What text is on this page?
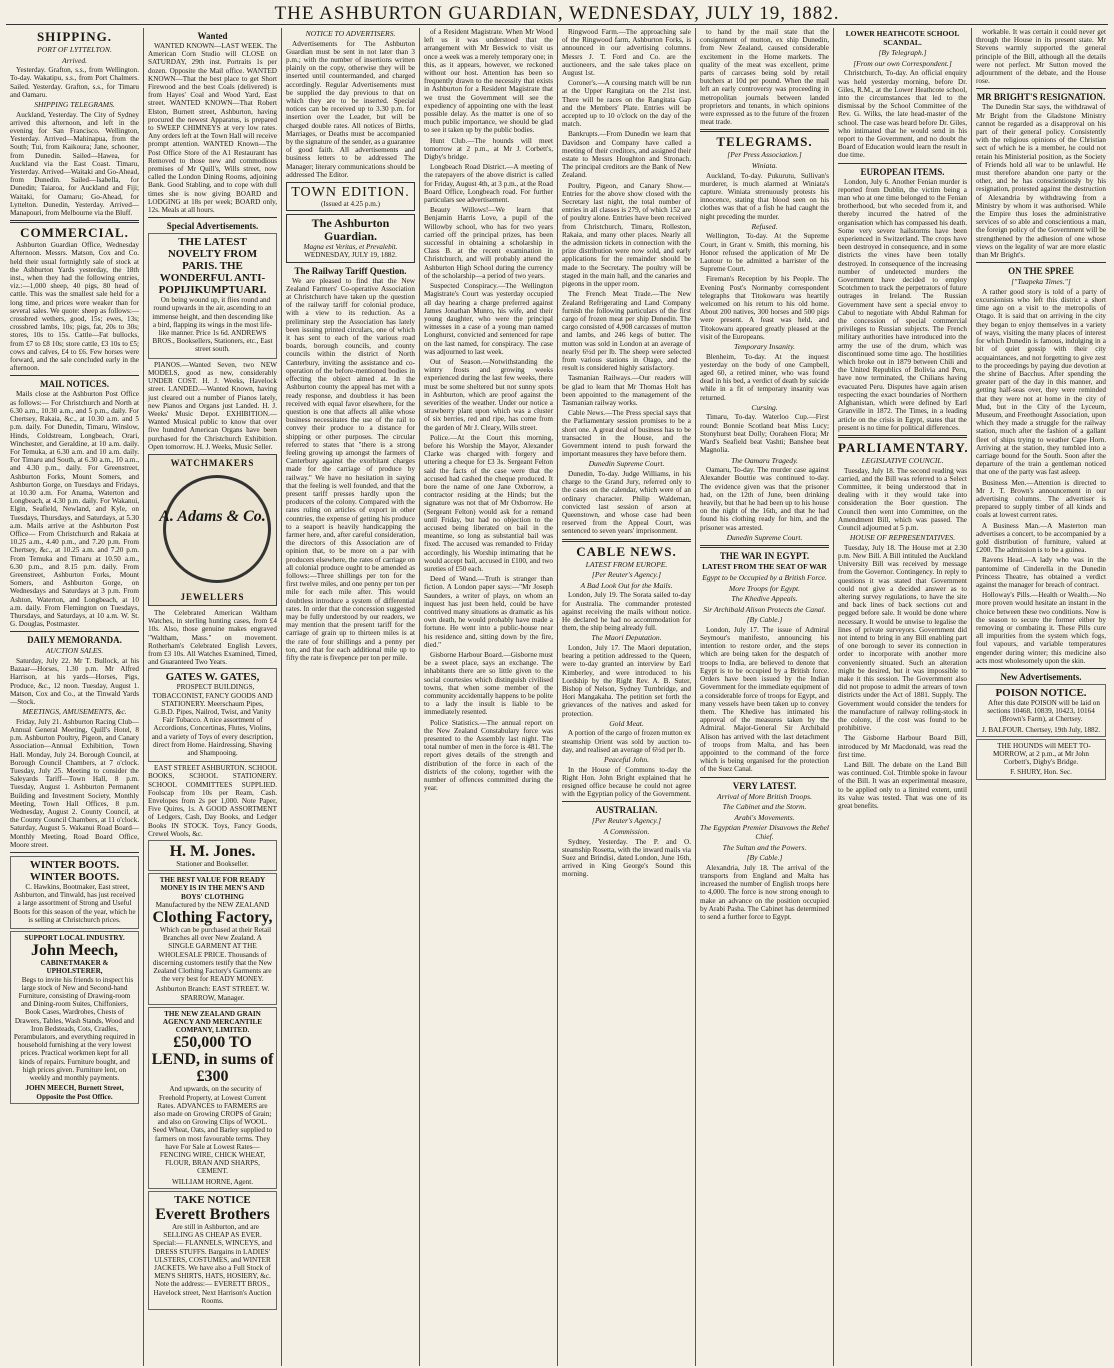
THE ASHBURTON GUARDIAN, WEDNESDAY, JULY 19, 1882.
SHIPPING.
PORT OF LYTTELTON.
Arrived.

Yesterday. Grafton, s.s., from Wellington. To-day. Wakatipu, s.s., from Port Chalmers. Sailed. Yesterday. Grafton, s.s., for Timaru and Oamaru.

SHIPPING TELEGRAMS.

Auckland, Yesterday. The City of Sydney arrived this afternoon, and left in the evening for San Francisco. Wellington, Yesterday. Arrived—Mahinapua, from the South; Tui, from Kaikoura; Jane, schooner, from Dunedin. Sailed—Hawea, for Auckland via the East Coast. Timaru, Yesterday. Arrived—Waitaki and Go-Ahead, from Dunedin. Sailed—Isabella, for Dunedin; Taiaroa, for Auckland and Fiji; Waitaki, for Oamaru; Go-Ahead, for Lyttelton. Dunedin, Yesterday. Arrived—Manapouri, from Melbourne via the Bluff.

COMMERCIAL.

Ashburton Guardian Office, Wednesday Afternoon. Messrs. Matson, Cox and Co. held their usual fortnightly sale of stock at the Ashburton Yards yesterday, the 18th inst., when they had the following entries, viz.:—1,000 sheep, 40 pigs, 80 head of cattle. This was the smallest sale held for a long time, and prices were weaker than for several sales. We quote: sheep as follows:—crossbred wethers, good, 15s; ewes, 13s; crossbred lambs, 10s; pigs, fat, 20s to 30s; stores, 10s to 15s. Cattle—Fat bullocks, from £7 to £8 10s; store cattle, £3 10s to £5; cows and calves, £4 to £6. Few horses were forward, and the sale concluded early in the afternoon.

MAIL NOTICES.

Mails close at the Ashburton Post Office as follows:— For Christchurch and North at 6.30 a.m., 10.30 a.m., and 5 p.m., daily. For Chertsey, Rakaia, &c., at 10.30 a.m. and 5 p.m. daily. For Dunedin, Timaru, Winslow, Hinds, Coldstream, Longbeach, Orari, Winchester, and Geraldine, at 10 a.m. daily. For Temuka, at 6.30 a.m. and 10 a.m. daily. For Timaru and South, at 6.30 a.m., 10 a.m., and 4.30 p.m., daily. For Greenstreet, Ashburton Forks, Mount Somers, and Ashburton Gorge, on Tuesdays and Fridays, at 10.30 a.m. For Anama, Waterton and Longbeach, at 4.30 p.m. daily. For Wakanui, Elgin, Seafield, Newland, and Kyle, on Tuesdays, Thursdays, and Saturdays, at 5.30 a.m. Mails arrive at the Ashburton Post Office— From Christchurch and Rakaia at 10.25 a.m., 4.40 p.m., and 7.20 p.m. From Chertsey, &c., at 10.25 a.m. and 7.20 p.m. From Temuka and Timaru at 10.50 a.m., 6.30 p.m., and 8.15 p.m. daily. From Greenstreet, Ashburton Forks, Mount Somers, and Ashburton Gorge, on Wednesdays and Saturdays at 3 p.m. From Ashton, Waterton, and Longbeach, at 10 a.m. daily. From Flemington on Tuesdays, Thursdays, and Saturdays, at 10 a.m. W. St. G. Douglas, Postmaster.

DAILY MEMORANDA.
AUCTION SALES.

Saturday, July 22. Mr T. Bullock, at his Bazaar—Horses, 1.30 p.m. Mr Alfred Harrison, at his yards—Horses, Pigs, Produce, &c., 12 noon. Tuesday, August 1. Matson, Cox and Co., at the Tinwald Yards—Stock.

MEETINGS, AMUSEMENTS, &c.

Friday, July 21. Ashburton Racing Club—Annual General Meeting, Quill's Hotel, 8 p.m. Ashburton Poultry, Pigeon, and Canary Association—Annual Exhibition, Town Hall. Monday, July 24. Borough Council, at Borough Council Chambers, at 7 o'clock. Tuesday, July 25. Meeting to consider the Saleyards Tariff—Town Hall, 8 p.m. Tuesday, August 1. Ashburton Permanent Building and Investment Society, Monthly Meeting, Town Hall Offices, 8 p.m. Wednesday, August 2. County Council, at the County Council Chambers, at 11 o'clock. Saturday, August 5. Wakanui Road Board—Monthly Meeting, Road Board Office, Moore street.

WINTER BOOTS. WINTER BOOTS.

C. Hawkins, Bootmaker, East street, Ashburton, and Tinwald, has just received a large assortment of Strong and Useful Boots for this season of the year, which he is selling at Christchurch prices.

SUPPORT LOCAL INDUSTRY.
John Meech,
CABINETMAKER & UPHOLSTERER,

Begs to invite his friends to inspect his large stock of New and Second-hand Furniture, consisting of Drawing-room and Dining-room Suites, Chiffoniers, Book Cases, Wardrobes, Chests of Drawers, Tables, Wash Stands, Wood and Iron Bedsteads, Cots, Cradles, Perambulators, and everything required in household furnishing at the very lowest prices. Practical workmen kept for all kinds of repairs. Furniture bought, and high prices given. Furniture lent, on weekly and monthly payments.

JOHN MEECH, Burnett Street, Opposite the Post Office.
Wanted

WANTED KNOWN—LAST WEEK. The American Corn Studio will CLOSE on SATURDAY, 29th inst. Portraits 1s per dozen. Opposite the Mail office. WANTED KNOWN—That the best place to get Short Firewood and the best Coals (delivered) is from Hayes' Coal and Wood Yard, East street. WANTED KNOWN—That Robert Elston, Burnett street, Ashburton, having procured the newest Apparatus, is prepared to SWEEP CHIMNEYS at very low rates. Any orders left at the Town Hall will receive prompt attention. WANTED Known—The Post Office Store of the A1 Restaurant has Removed to those new and commodious premises of Mr Quill's, Wills street, now called the London Dining Rooms, adjoining Bank. Good Stabling, and to cope with dull times she is now giving BOARD and LODGING at 18s per week; BOARD only, 12s. Meals at all hours.

Special Advertisements.
THE LATEST NOVELTY FROM PARIS. THE WONDERFUL ANTI-POPIJIKUMPTUARI.

On being wound up, it flies round and round upwards in the air, ascending to an immense height, and then descending like a bird, flapping its wings in the most life-like manner. Price 1s 6d. ANDREWS BROS., Booksellers, Stationers, etc., East street south.

PIANOS.—Wanted Seven, two NEW MODELS, good as new, considerably UNDER COST. H. J. Weeks, Havelock street. LANDED.—Wanted Known, having just cleared out a number of Pianos lately, new Pianos and Organs just Landed. H. J. Weeks' Music Depot. EXHIBITION.—Wanted Musical public to know that over five hundred American Organs have been purchased for the Christchurch Exhibition. Open tomorrow. H. J. Weeks, Music Seller.

WATCHMAKERS
A. Adams & Co.
JEWELLERS

The Celebrated American Waltham Watches, in sterling hunting cases, from £4 10s. Also, those genuine makes engraved "Waltham, Mass." on movement. Rotherham's Celebrated English Levers, from £3 10s. All Watches Examined, Timed, and Guaranteed Two Years.

GATES W. GATES,

PROSPECT BUILDINGS, TOBACCONIST, FANCY GOODS AND STATIONERY. Meerschaum Pipes, G.B.D. Pipes, Nailrod, Twist, and Vanity Fair Tobacco. A nice assortment of Accordions, Concertinas, Flutes, Violins, and a variety of Toys of every description, direct from Home. Hairdressing, Shaving and Shampooing.

EAST STREET ASHBURTON. SCHOOL BOOKS, SCHOOL STATIONERY. SCHOOL COMMITTEES SUPPLIED. Foolscap from 10s per Ream, Cash. Envelopes from 2s per 1,000. Note Paper, Five Quires, 1s. A GOOD ASSORTMENT of Ledgers, Cash, Day Books, and Ledger Books IN STOCK. Toys, Fancy Goods, Crewel Wools, &c.

H. M. Jones.
Stationer and Bookseller.
THE BEST VALUE FOR READY MONEY IS IN THE MEN'S AND BOYS' CLOTHING
Manufactured by the NEW ZEALAND
Clothing Factory,

Which can be purchased at their Retail Branches all over New Zealand. A SINGLE GARMENT AT THE WHOLESALE PRICE. Thousands of discerning customers testify that the New Zealand Clothing Factory's Garments are the very best for READY MONEY.

Ashburton Branch: EAST STREET. W. SPARROW, Manager.
THE NEW ZEALAND GRAIN AGENCY AND MERCANTILE COMPANY, LIMITED.
£50,000 TO LEND, in sums of £300

And upwards, on the security of Freehold Property, at Lowest Current Rates. ADVANCES to FARMERS are also made on Growing CROPS of Grain; and also on Growing Clips of WOOL. Seed Wheat, Oats, and Barley supplied to farmers on most favourable terms. They have For Sale at Lowest Rates—FENCING WIRE, CHICK WHEAT, FLOUR, BRAN AND SHARPS, CEMENT.

WILLIAM HORNE, Agent.
TAKE NOTICE
Everett Brothers

Are still in Ashburton, and are SELLING AS CHEAP AS EVER. Special:— FLANNELS, WINCEYS, and DRESS STUFFS. Bargains in LADIES' ULSTERS, COSTUMES, and WINTER JACKETS. We have also a Full Stock of MEN'S SHIRTS, HATS, HOSIERY, &c. Note the address:— EVERETT BROS., Havelock street, Next Harrison's Auction Rooms.

NOTICE TO ADVERTISERS.

Advertisements for The Ashburton Guardian must be sent in not later than 3 p.m.; with the number of insertions written plainly on the copy, otherwise they will be inserted until countermanded, and charged accordingly. Regular Advertisements must be supplied the day previous to that on which they are to be inserted. Special notices can be received up to 3.30 p.m. for insertion over the Leader, but will be charged double rates. All notices of Births, Marriages, or Deaths must be accompanied by the signature of the sender, as a guarantee of good faith. All advertisements and business letters to be addressed The Manager; literary communications should be addressed The Editor.

TOWN EDITION.
(Issued at 4.25 p.m.)
The Ashburton Guardian.
Magna est Veritas, et Prevalebit.
WEDNESDAY, JULY 19, 1882.
The Railway Tariff Question.

We are pleased to find that the New Zealand Farmers' Co-operative Association at Christchurch have taken up the question of the railway tariff for colonial produce, with a view to its reduction. As a preliminary step the Association has lately been issuing printed circulars, one of which it has sent to each of the various road boards, borough councils, and county councils within the district of North Canterbury, inviting the assistance and co-operation of the before-mentioned bodies in effecting the object aimed at. In the Ashburton county the appeal has met with a ready response, and doubtless it has been received with equal favor elsewhere, for the question is one that affects all alike whose business necessitates the use of the rail to convey their produce to a distance for shipping or other purposes. The circular referred to states that "there is a strong feeling growing up amongst the farmers of Canterbury against the exorbitant charges made for the carriage of produce by railway." We have no hesitation in saying that the feeling is well founded, and that the present tariff presses hardly upon the producers of the colony. Compared with the rates ruling on articles of export in other countries, the expense of getting his produce to a seaport is heavily handicapping the farmer here, and, after careful consideration, the directors of this Association are of opinion that, to be more on a par with producers elsewhere, the rates of carriage on all colonial produce ought to be amended as follows:—Three shillings per ton for the first twelve miles, and one penny per ton per mile for each mile after. This would doubtless introduce a system of differential rates. In order that the concession suggested may be fully understood by our readers, we may mention that the present tariff for the carriage of grain up to thirteen miles is at the rate of four shillings and a penny per ton, and that for each additional mile up to fifty the rate is fivepence per ton per mile.

of a Resident Magistrate. When Mr Wood left us it was understood that the arrangement with Mr Beswick to visit us once a week was a merely temporary one; in this, as it appears, however, we reckoned without our host. Attention has been so frequently drawn to the necessity that exists in Ashburton for a Resident Magistrate that we trust the Government will see the expediency of appointing one with the least possible delay. As the matter is one of so much public importance, we should be glad to see it taken up by the public bodies.

Hunt Club.—The hounds will meet tomorrow at 2 p.m., at Mr J. Corbett's, Digby's bridge.

Longbeach Road District.—A meeting of the ratepayers of the above district is called for Friday, August 4th, at 3 p.m., at the Road Board Office, Longbeach road. For further particulars see advertisement.

Beauty Willows!—We learn that Benjamin Harris Love, a pupil of the Willowby school, who has for two years carried off the principal prizes, has been successful in obtaining a scholarship in Class B. at the recent examination in Christchurch, and will probably attend the Ashburton High School during the currency of the scholarship—a period of two years.

Suspected Conspiracy.—The Wellington Magistrate's Court was yesterday occupied all day hearing a charge preferred against James Jonathan Munro, his wife, and their young daughter, who were the principal witnesses in a case of a young man named Longhurst, convicted and sentenced for rape on the last named, for conspiracy. The case was adjourned to last week.

Out of Season.—Notwithstanding the wintry frosts and growing weeks experienced during the last few weeks, there must be some sheltered but not sunny spots in Ashburton, which are proof against the severities of the weather. Under our notice a strawberry plant upon which was a cluster of six berries, red and ripe, has come from the garden of Mr J. Cleary, Wills street.

Police.—At the Court this morning, before his Worship the Mayor, Alexander Clarke was charged with forgery and uttering a cheque for £3 3s. Sergeant Felton said the facts of the case were that the accused had cashed the cheque produced. It bore the name of one Jane Oxborrow, a contractor residing at the Hinds; but the signature was not that of Mr Oxborrow. He (Sergeant Felton) would ask for a remand until Friday, but had no objection to the accused being liberated on bail in the meantime, so long as substantial bail was fixed. The accused was remanded to Friday accordingly, his Worship intimating that he would accept bail, accused in £100, and two sureties of £50 each.

Deed of Wand.—Truth is stranger than fiction. A London paper says:—"Mr Joseph Saunders, a writer of plays, on whom an inquest has just been held, could be have contrived many situations as dramatic as his own death, he would probably have made a fortune. He went into a public-house near his residence and, sitting down by the fire, died."

Gisborne Harbour Board.—Gisborne must be a sweet place, says an exchange. The inhabitants there are so little given to the social courtesies which distinguish civilised towns, that when some member of the community accidentally happens to be polite to a lady the insult is liable to be immediately resented.

Police Statistics.—The annual report on the New Zealand Constabulary force was presented to the Assembly last night. The total number of men in the force is 481. The report gives details of the strength and distribution of the force in each of the districts of the colony, together with the number of offences committed during the year.

Ringwood Farm.—The approaching sale of the Ringwood farm, Ashburton Forks, is announced in our advertising columns. Messrs J. T. Ford and Co. are the auctioneers, and the sale takes place on August 1st.

Coroner's.—A coursing match will be run at the Upper Rangitata on the 21st inst. There will be races on the Rangitata Gap and the Members' Plate. Entries will be accepted up to 10 o'clock on the day of the match.

Bankrupts.—From Dunedin we learn that Davidson and Company have called a meeting of their creditors, and assigned their estate to Messrs Houghton and Stronach. The principal creditors are the Bank of New Zealand.

Poultry, Pigeon, and Canary Show.—Entries for the above show closed with the Secretary last night, the total number of entries in all classes is 279, of which 152 are of poultry alone. Entries have been received from Christchurch, Timaru, Rolleston, Rakaia, and many other places. Nearly all the admission tickets in connection with the prize distribution were now sold, and early applications for the remainder should be made to the Secretary. The poultry will be staged in the main hall, and the canaries and pigeons in the upper room.

The French Meat Trade.—The New Zealand Refrigerating and Land Company furnish the following particulars of the first cargo of frozen meat per ship Dunedin. The cargo consisted of 4,908 carcasses of mutton and lambs, and 246 kegs of butter. The mutton was sold in London at an average of nearly 6½d per lb. The sheep were selected from various stations in Otago, and the result is considered highly satisfactory.

Tasmanian Railways.—Our readers will be glad to learn that Mr Thomas Holt has been appointed to the management of the Tasmanian railway works.

Cable News.—The Press special says that the Parliamentary session promises to be a short one. A great deal of business has to be transacted in the House, and the Government intend to push forward the important measures they have before them.

Dunedin Supreme Court.

Dunedin, To-day. Judge Williams, in his charge to the Grand Jury, referred only to the cases on the calendar, which were of an ordinary character. Philip Waldeman, convicted last session of arson at Queenstown, and whose case had been reserved from the Appeal Court, was sentenced to seven years' imprisonment.

CABLE NEWS.
LATEST FROM EUROPE.
[Per Reuter's Agency.]
A Bad Look Out for the Mails.

London, July 19. The Sorata sailed to-day for Australia. The commander protested against receiving the mails without notice. He declared he had no accommodation for them, the ship being already full.

The Maori Deputation.

London, July 17. The Maori deputation, bearing a petition addressed to the Queen, were to-day granted an interview by Earl Kimberley, and were introduced to his Lordship by the Right Rev. A. B. Suter, Bishop of Nelson, Sydney Turnbridge, and Hori Mangakaha. The petition set forth the grievances of the natives and asked for protection.

Gold Meat.

A portion of the cargo of frozen mutton ex steamship Orient was sold by auction to-day, and realised an average of 6½d per lb.

Peaceful John.

In the House of Commons to-day the Right Hon. John Bright explained that he resigned office because he could not agree with the Egyptian policy of the Government.

AUSTRALIAN.
[Per Reuter's Agency.]
A Commission.

Sydney, Yesterday. The P. and O. steamship Rosetta, with the inward mails via Suez and Brindisi, dated London, June 16th, arrived in King George's Sound this morning.

to hand by the mail state that the consignment of mutton, ex ship Dunedin, from New Zealand, caused considerable excitement in the Home markets. The quality of the meat was excellent, prime parts of carcases being sold by retail butchers at 10d per pound. When the mail left an early controversy was proceeding in metropolitan journals between landed proprietors and tenants, in which opinions were expressed as to the future of the frozen meat trade.

TELEGRAMS.
[Per Press Association.]
Winiata.

Auckland, To-day. Pukurutu, Sullivan's murderer, is much alarmed at Winiata's capture. Winiata strenuously protests his innocence, stating that blood seen on his clothes was that of a fish he had caught the night preceding the murder.

Refused.

Wellington, To-day. At the Supreme Court, in Grant v. Smith, this morning, his Honor refused the application of Mr De Lautour to be admitted a barrister of the Supreme Court.

Fireman's Reception by his People. The Evening Post's Normanby correspondent telegraphs that Titokowaru was heartily welcomed on his return to his old home. About 200 natives, 300 horses and 500 pigs were present. A feast was held, and Titokowaru appeared greatly pleased at the visit of the Europeans.

Temporary Insanity.

Blenheim, To-day. At the inquest yesterday on the body of one Campbell, aged 60, a retired miner, who was found dead in his bed, a verdict of death by suicide while in a fit of temporary insanity was returned.

Cursing.

Timaru, To-day. Waterloo Cup.—First round: Bonnie Scotland beat Miss Lucy; Stonyhurst beat Dolly; Ooraheen Flora; Mr Ward's Seafield beat Vashti; Banshee beat Magnolia.

The Oamaru Tragedy.

Oamaru, To-day. The murder case against Alexander Bouttie was continued to-day. The evidence given was that the prisoner had, on the 12th of June, been drinking heavily, but that he had been up to his house on the night of the 16th, and that he had found his clothing ready for him, and the prisoner was arrested.

Dunedin Supreme Court.
THE WAR IN EGYPT.
LATEST FROM THE SEAT OF WAR
Egypt to be Occupied by a British Force.
More Troops for Egypt.
The Khedive Appeals.
Sir Archibald Alison Protects the Canal.
[By Cable.]

London, July 17. The issue of Admiral Seymour's manifesto, announcing his intention to restore order, and the steps which are being taken for the despatch of troops to India, are believed to denote that Egypt is to be occupied by a British force. Orders have been issued by the Indian Government for the immediate equipment of a considerable force of troops for Egypt, and many vessels have been taken up to convey them. The Khedive has intimated his approval of the measures taken by the Admiral. Major-General Sir Archibald Alison has arrived with the last detachment of troops from Malta, and has been appointed to the command of the force which is being organised for the protection of the Suez Canal.

VERY LATEST.
Arrival of More British Troops.
The Cabinet and the Storm.
Arabi's Movements.
The Egyptian Premier Disavows the Rebel Chief.
The Sultan and the Powers.
[By Cable.]

Alexandria, July 18. The arrival of the transports from England and Malta has increased the number of English troops here to 4,000. The force is now strong enough to make an advance on the position occupied by Arabi Pasha. The Cabinet has determined to send a further force to Egypt.

LOWER HEATHCOTE SCHOOL SCANDAL.
[By Telegraph.]
[From our own Correspondent.]

Christchurch, To-day. An official enquiry was held yesterday morning, before Dr. Giles, R.M., at the Lower Heathcote school, into the circumstances that led to the dismissal by the School Committee of the Rev. G. Wilks, the late head-master of the school. The case was heard before Dr. Giles, who intimated that he would send in his report to the Government, and no doubt the Board of Education would learn the result in due time.

EUROPEAN ITEMS.

London, July 6. Another Fenian murder is reported from Dublin, the victim being a man who at one time belonged to the Fenian brotherhood, but who seceded from it, and thereby incurred the hatred of the organisation which has compassed his death. Some very severe hailstorms have been experienced in Switzerland. The crops have been destroyed in consequence, and in some districts the vines have been totally destroyed. In consequence of the increasing number of undetected murders the Government have decided to employ Scotchmen to track the perpetrators of future outrages in Ireland. The Russian Government have sent a special envoy to Cabul to negotiate with Abdul Rahman for the concession of special commercial privileges to Russian subjects. The French military authorities have introduced into the army the use of the drum, which was discontinued some time ago. The hostilities which broke out in 1879 between Chili and the United Republics of Bolivia and Peru, have now terminated, the Chilians having evacuated Peru. Disputes have again arisen respecting the exact boundaries of Northern Afghanistan, which were defined by Earl Granville in 1872. The Times, in a leading article on the crisis in Egypt, states that the present is no time for political differences.

PARLIAMENTARY.
LEGISLATIVE COUNCIL.

Tuesday, July 18. The second reading was carried, and the Bill was referred to a Select Committee, it being understood that in dealing with it they would take into consideration the Boer question. The Council then went into Committee, on the Amendment Bill, which was passed. The Council adjourned at 5 p.m.

HOUSE OF REPRESENTATIVES.

Tuesday, July 18. The House met at 2.30 p.m. New Bill. A Bill intituled the Auckland University Bill was received by message from the Governor. Contingency. In reply to questions it was stated that Government could not give a decided answer as to altering survey regulations, to have the site and back lines of back sections cut and pegged before sale. It would be done where necessary. It would be unwise to legalise the lines of private surveyors. Government did not intend to bring in any Bill enabling part of one borough to sever its connection in order to incorporate with another more conveniently situated. Such an alteration might be desired, but it was impossible to make it this session. The Government also did not propose to admit the arrears of town districts under the Act of 1881. Supply. The Government would consider the tenders for the manufacture of railway rolling-stock in the colony, if the cost was found to be prohibitive.

The Gisborne Harbour Board Bill, introduced by Mr Macdonald, was read the first time.

Land Bill. The debate on the Land Bill was continued. Col. Trimble spoke in favour of the Bill. It was an experimental measure, to be applied only to a limited extent, until its value was tested. That was one of its great benefits.

workable. It was certain it could never get through the House in its present state. Mr Stevens warmly supported the general principle of the Bill, although all the details were not perfect. Mr Sutton moved the adjournment of the debate, and the House rose.

MR BRIGHT'S RESIGNATION.

The Dunedin Star says, the withdrawal of Mr Bright from the Gladstone Ministry cannot be regarded as a disapproval on his part of their general policy. Consistently with the religious opinions of the Christian sect of which he is a member, he could not retain his Ministerial position, as the Society of Friends hold all war to be unlawful. He must therefore abandon one party or the other, and he has conscientiously by his resignation, protested against the destruction of Alexandria by withdrawing from a Ministry by whom it was authorised. While the Empire thus loses the administrative services of so able and conscientious a man, the foreign policy of the Government will be strengthened by the adhesion of one whose views on the legality of war are more elastic than Mr Bright's.

ON THE SPREE
["Tuapeka Times."]

A rather good story is told of a party of excursionists who left this district a short time ago on a visit to the metropolis of Otago. It is said that on arriving in the city they began to enjoy themselves in a variety of ways, visiting the many places of interest for which Dunedin is famous, indulging in a bit of quiet gossip with their city acquaintances, and not forgetting to give zest to the proceedings by paying due devotion at the shrine of Bacchus. After spending the greater part of the day in this manner, and getting half-seas over, they were reminded that they were not at home in the city of Mud, but in the City of the Lyceum, Museum, and Freethought Association, upon which they made a struggle for the railway station, much after the fashion of a gallant fleet of ships trying to weather Cape Horn. Arriving at the station, they tumbled into a carriage bound for the South. Soon after the departure of the train a gentleman noticed that one of the party was fast asleep.

Business Men.—Attention is directed to Mr J. T. Brown's announcement in our advertising columns. The advertiser is prepared to supply timber of all kinds and coals at lowest current rates.

A Business Man.—A Masterton man advertises a concert, to be accompanied by a gold distribution of furniture, valued at £200. The admission is to be a guinea.

Ravens Head.—A lady who was in the pantomime of Cinderella in the Dunedin Princess Theatre, has obtained a verdict against the manager for breach of contract.

Holloway's Pills.—Health or Wealth.—No more proven would hesitate an instant in the choice between these two conditions. Now is the season to secure the former either by removing or combating it. These Pills cure all impurities from the system which fogs, foul vapours, and variable temperatures engender during winter; this medicine also acts most wholesomely upon the skin.

New Advertisements.
POISON NOTICE.

After this date POISON will be laid on sections 10468, 10839, 10423, 10164 (Brown's Farm), at Chertsey.

J. BALFOUR. Chertsey, 19th July, 1882.

THE HOUNDS will MEET TO-MORROW, at 2 p.m., at Mr John Corbett's, Digby's Bridge.

F. SHURY, Hon. Sec.
